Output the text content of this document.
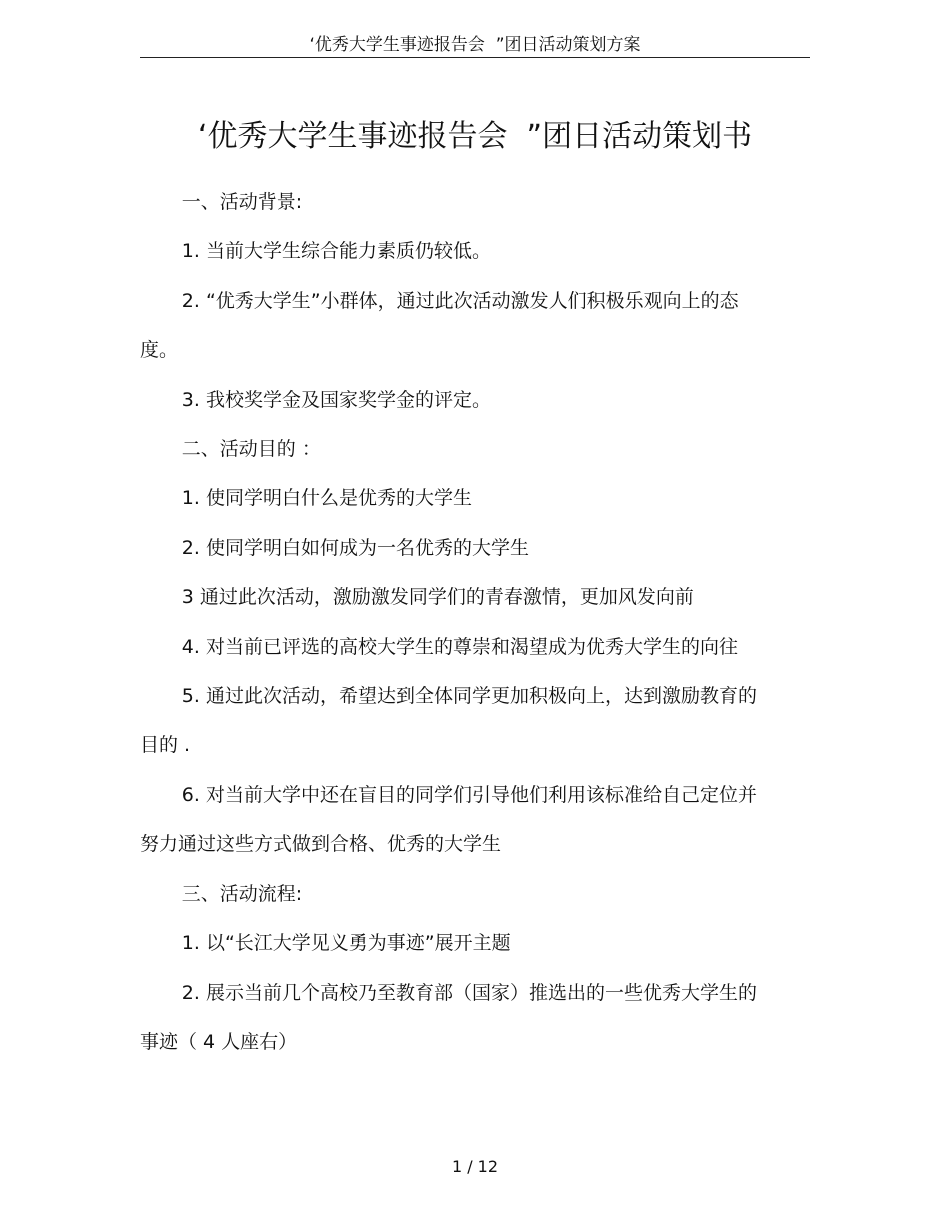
‘优秀大学生事迹报告会  ”团日活动策划方案
‘优秀大学生事迹报告会  ”团日活动策划书

一、活动背景:

1. 当前大学生综合能力素质仍较低。

2. “优秀大学生”小群体，通过此次活动激发人们积极乐观向上的态度。

3. 我校奖学金及国家奖学金的评定。

二、活动目的 ：

1. 使同学明白什么是优秀的大学生

2. 使同学明白如何成为一名优秀的大学生

3 通过此次活动，激励激发同学们的青春激情，更加风发向前

4. 对当前已评选的高校大学生的尊崇和渴望成为优秀大学生的向往

5. 通过此次活动，希望达到全体同学更加积极向上，达到激励教育的目的 .

6. 对当前大学中还在盲目的同学们引导他们利用该标准给自己定位并努力通过这些方式做到合格、优秀的大学生

三、活动流程:

1. 以“长江大学见义勇为事迹”展开主题

2. 展示当前几个高校乃至教育部（国家）推选出的一些优秀大学生的事迹（ 4 人座右）

1 / 12
